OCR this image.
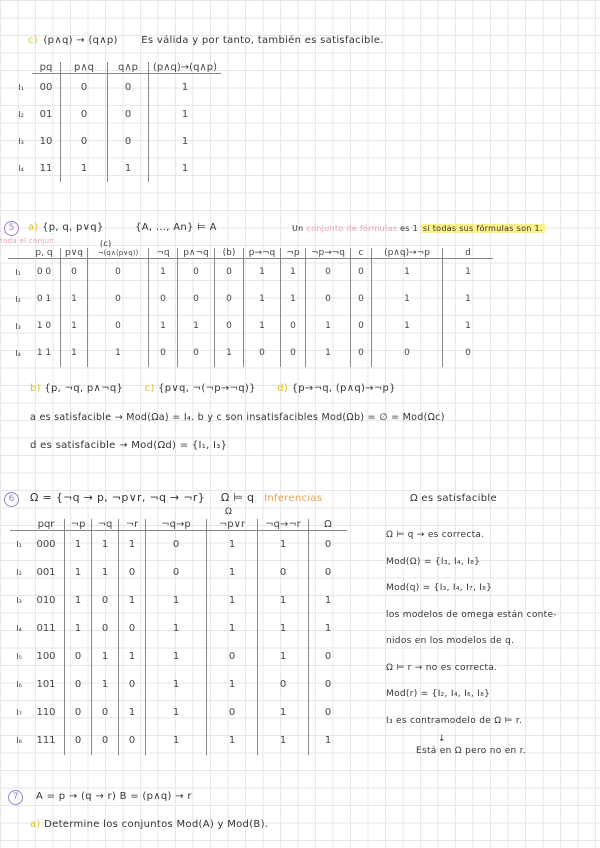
c) (p∧q) → (q∧p) Es válida y por tanto, también es satisfacible.
	pq	p∧q	q∧p	(p∧q)→(q∧p)
I₁	00	0	0	1
I₂	01	0	0	1
I₃	10	0	0	1
I₄	11	1	1	1
5	a) {p, q, p∨q}	{A, ..., An} ⊨ A	Un conjunto de fórmulas es 1 si todas sus fórmulas son 1.
toda el conjun	(c)
	p, q	p∨q	¬(q∧(p∨q))	¬q	p∧¬q	(b)	p→¬q	¬p	¬p→¬q	c	(p∧q)→¬p	d
I₁	0 0	0	0	1	0	0	1	1	0	0	1	1
I₂	0 1	1	0	0	0	0	1	1	0	0	1	1
I₃	1 0	1	0	1	1	0	1	0	1	0	1	1
I₄	1 1	1	1	0	0	1	0	0	1	0	0	0
b) {p, ¬q, p∧¬q} c) {p∨q, ¬(¬p→¬q)} d) {p→¬q, (p∧q)→¬p}
a es satisfacible → Mod(Ωa) = I₄. b y c son insatisfacibles Mod(Ωb) = ∅ = Mod(Ωc)
d es satisfacible → Mod(Ωd) = {I₁, I₃}
6	Ω = {¬q → p, ¬p∨r, ¬q → ¬r} Ω ⊨ q Inferencias
Ω
Ω es satisfacible
	pqr	¬p	¬q	¬r	¬q→p	¬p∨r	¬q→¬r	Ω
I₁	000	1	1	1	0	1	1	0
I₂	001	1	1	0	0	1	0	0
I₃	010	1	0	1	1	1	1	1
I₄	011	1	0	0	1	1	1	1
I₅	100	0	1	1	1	0	1	0
I₆	101	0	1	0	1	1	0	0
I₇	110	0	0	1	1	0	1	0
I₈	111	0	0	0	1	1	1	1
Ω ⊨ q → es correcta.
Mod(Ω) = {I₃, I₄, I₈}
Mod(q) = {I₃, I₄, I₇, I₈}
los modelos de omega están conte-
nidos en los modelos de q.
Ω ⊨ r → no es correcta.
Mod(r) = {I₂, I₄, I₆, I₈}
I₃ es contramodelo de Ω ⊨ r.
↓
Está en Ω pero no en r.
7	A = p → (q → r) B = (p∧q) → r
a) Determine los conjuntos Mod(A) y Mod(B).
